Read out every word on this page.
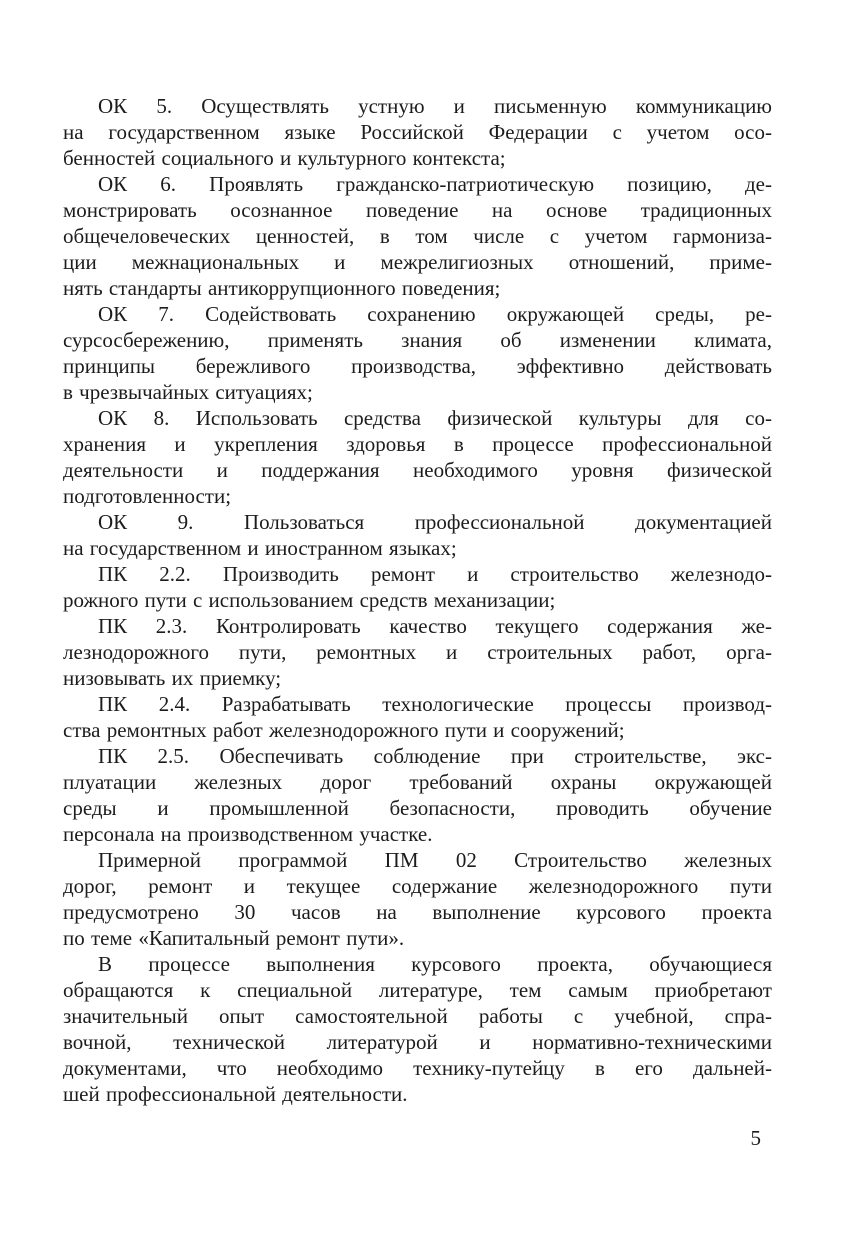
ОК 5. Осуществлять устную и письменную коммуникацию
на государственном языке Российской Федерации с учетом осо-
бенностей социального и культурного контекста;
ОК 6. Проявлять гражданско-патриотическую позицию, де-
монстрировать осознанное поведение на основе традиционных
общечеловеческих ценностей, в том числе с учетом гармониза-
ции межнациональных и межрелигиозных отношений, приме-
нять стандарты антикоррупционного поведения;
ОК 7. Содействовать сохранению окружающей среды, ре-
сурсосбережению, применять знания об изменении климата,
принципы бережливого производства, эффективно действовать
в чрезвычайных ситуациях;
ОК 8. Использовать средства физической культуры для со-
хранения и укрепления здоровья в процессе профессиональной
деятельности и поддержания необходимого уровня физической
подготовленности;
ОК 9. Пользоваться профессиональной документацией
на государственном и иностранном языках;
ПК 2.2. Производить ремонт и строительство железнодо-
рожного пути с использованием средств механизации;
ПК 2.3. Контролировать качество текущего содержания же-
лезнодорожного пути, ремонтных и строительных работ, орга-
низовывать их приемку;
ПК 2.4. Разрабатывать технологические процессы производ-
ства ремонтных работ железнодорожного пути и сооружений;
ПК 2.5. Обеспечивать соблюдение при строительстве, экс-
плуатации железных дорог требований охраны окружающей
среды и промышленной безопасности, проводить обучение
персонала на производственном участке.
Примерной программой ПМ 02 Строительство железных
дорог, ремонт и текущее содержание железнодорожного пути
предусмотрено 30 часов на выполнение курсового проекта
по теме «Капитальный ремонт пути».
В процессе выполнения курсового проекта, обучающиеся
обращаются к специальной литературе, тем самым приобретают
значительный опыт самостоятельной работы с учебной, спра-
вочной, технической литературой и нормативно-техническими
документами, что необходимо технику-путейцу в его дальней-
шей профессиональной деятельности.
5
